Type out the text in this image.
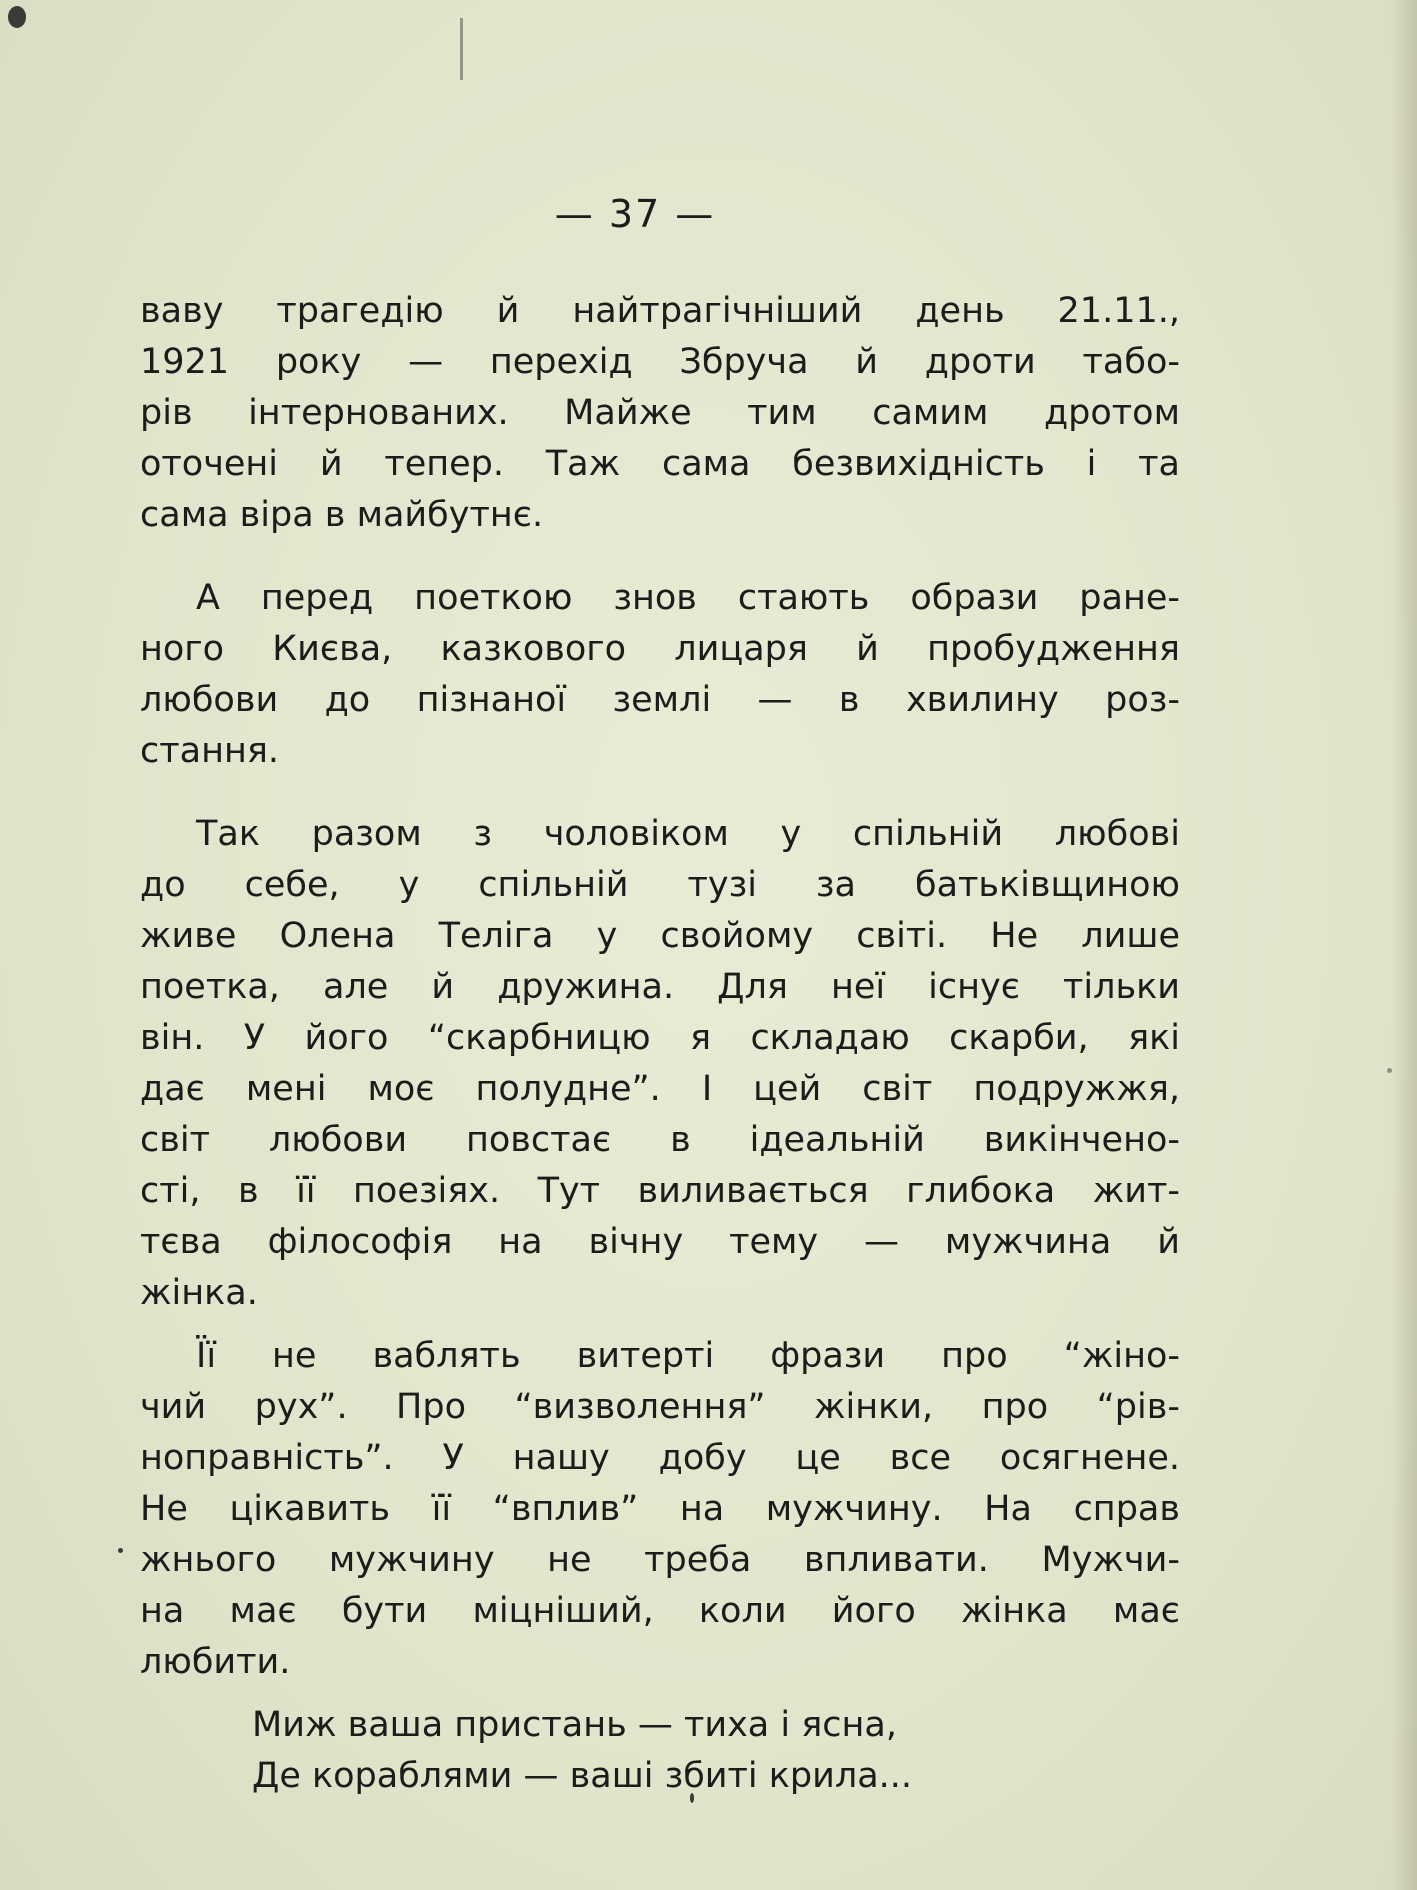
— 37 —
ваву трагедію й найтрагічніший день 21.11.,
1921 року — перехід Збруча й дроти табо-
рів інтернованих. Майже тим самим дротом
оточені й тепер. Таж сама безвихідність і та
сама віра в майбутнє.
А перед поеткою знов стають образи ране-
ного Києва, казкового лицаря й пробудження
любови до пізнаної землі — в хвилину роз-
стання.
Так разом з чоловіком у спільній любові
до себе, у спільній тузі за батьківщиною
живе Олена Теліга у свойому світі. Не лише
поетка, але й дружина. Для неї існує тільки
він. У його “скарбницю я складаю скарби, які
дає мені моє полудне”. І цей світ подружжя,
світ любови повстає в ідеальній викінчено-
сті, в її поезіях. Тут виливається глибока жит-
тєва філософія на вічну тему — мужчина й
жінка.
Її не ваблять витерті фрази про “жіно-
чий рух”. Про “визволення” жінки, про “рів-
ноправність”. У нашу добу це все осягнене.
Не цікавить її “вплив” на мужчину. На справ
жнього мужчину не треба впливати. Мужчи-
на має бути міцніший, коли його жінка має
любити.
Миж ваша пристань — тиха і ясна,
Де кораблями — ваші збиті крила...
